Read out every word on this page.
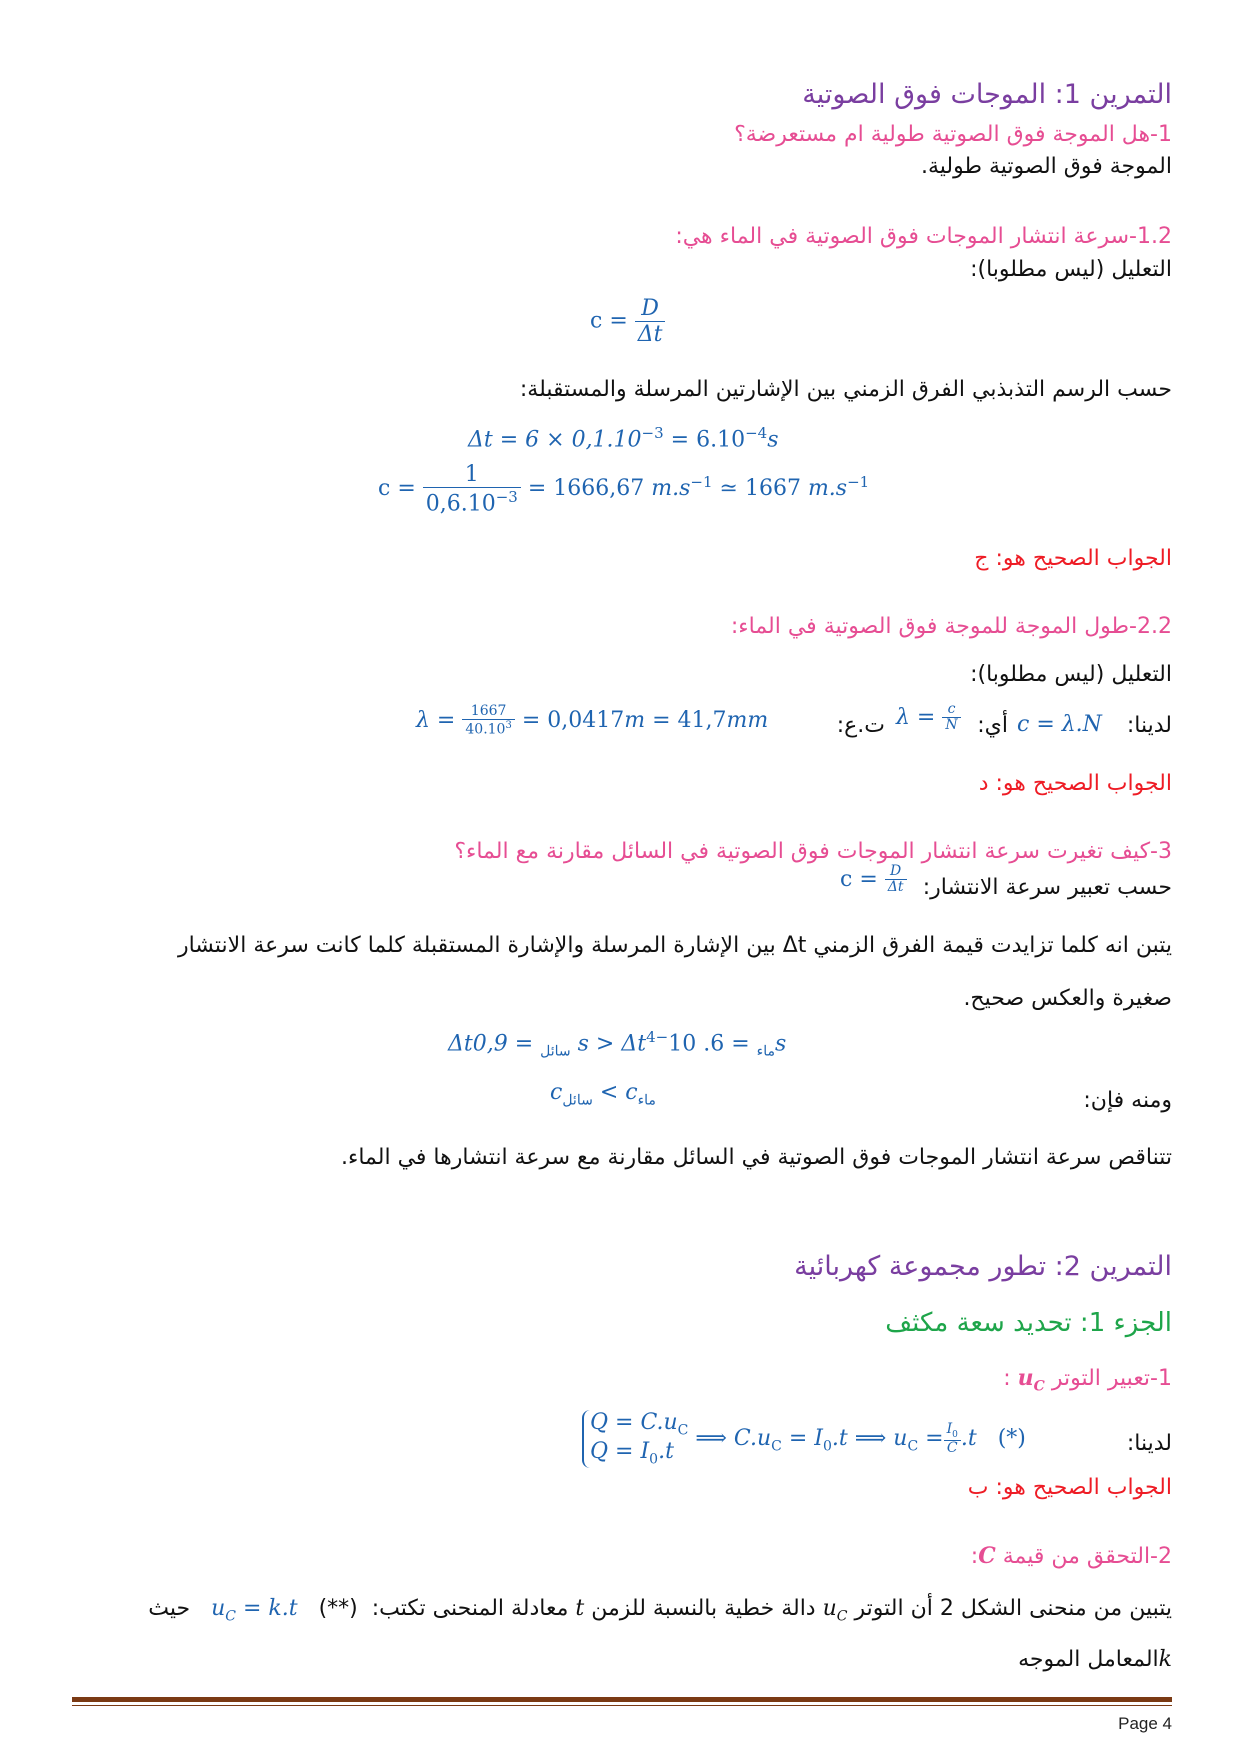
التمرين 1: الموجات فوق الصوتية
1-هل الموجة فوق الصوتية طولية ام مستعرضة؟
الموجة فوق الصوتية طولية.
1.2-سرعة انتشار الموجات فوق الصوتية في الماء هي:
التعليل (ليس مطلوبا):
$c = \frac{D}{\Delta t}$
حسب الرسم التذبذبي الفرق الزمني بين الإشارتين المرسلة والمستقبلة:
$\Delta t = 6 \times 0,1.10^{-3} = 6.10^{-4}s$
$c = \frac{1}{0,6.10^{-3}} = 1666,67$ $m.s^{-1}$ ≃ 1667 $m.s^{-1}$
الجواب الصحيح هو: ج
2.2-طول الموجة للموجة فوق الصوتية في الماء:
التعليل (ليس مطلوبا):
لدينا:
c = λ.N
أي:
$\lambda = \frac{c}{N}$
ت.ع:
$\lambda = \frac{1667}{40.10^3} = 0,0417m = 41,7mm$
الجواب الصحيح هو: د
3-كيف تغيرت سرعة انتشار الموجات فوق الصوتية في السائل مقارنة مع الماء؟
حسب تعبير سرعة الانتشار:
$c = \frac{D}{\Delta t}$
يتبن انه كلما تزايدت قيمة الفرق الزمني Δt بين الإشارة المرسلة والإشارة المستقبلة كلما كانت سرعة الانتشار
صغيرة والعكس صحيح.
Δt	$_{سائل}$ = 0,9 s > Δt	$_{ماء}$ = 6. $10^{-4}$	s
ومنه فإن:
$c_{سائل} < c_{ماء}$
تتناقص سرعة انتشار الموجات فوق الصوتية في السائل مقارنة مع سرعة انتشارها في الماء.
التمرين 2: تطور مجموعة كهربائية
الجزء 1: تحديد سعة مكثف
1-تعبير التوتر $u_C$ :
لدينا:
$Q = C.u_C$
$Q = I_0.t$ ⟹ $C.u_C = I_0.t$ ⟹ $u_C = \frac{I_0}{C} .t$ (*)
الجواب الصحيح هو: ب
2-التحقق من قيمة C:
يتبين من منحنى الشكل 2 أن التوتر $u_C$ دالة خطية بالنسبة للزمن t معادلة المنحنى تكتب:  (**)   $u_C = k.t$   حيث
kالمعامل الموجه
Page 4
